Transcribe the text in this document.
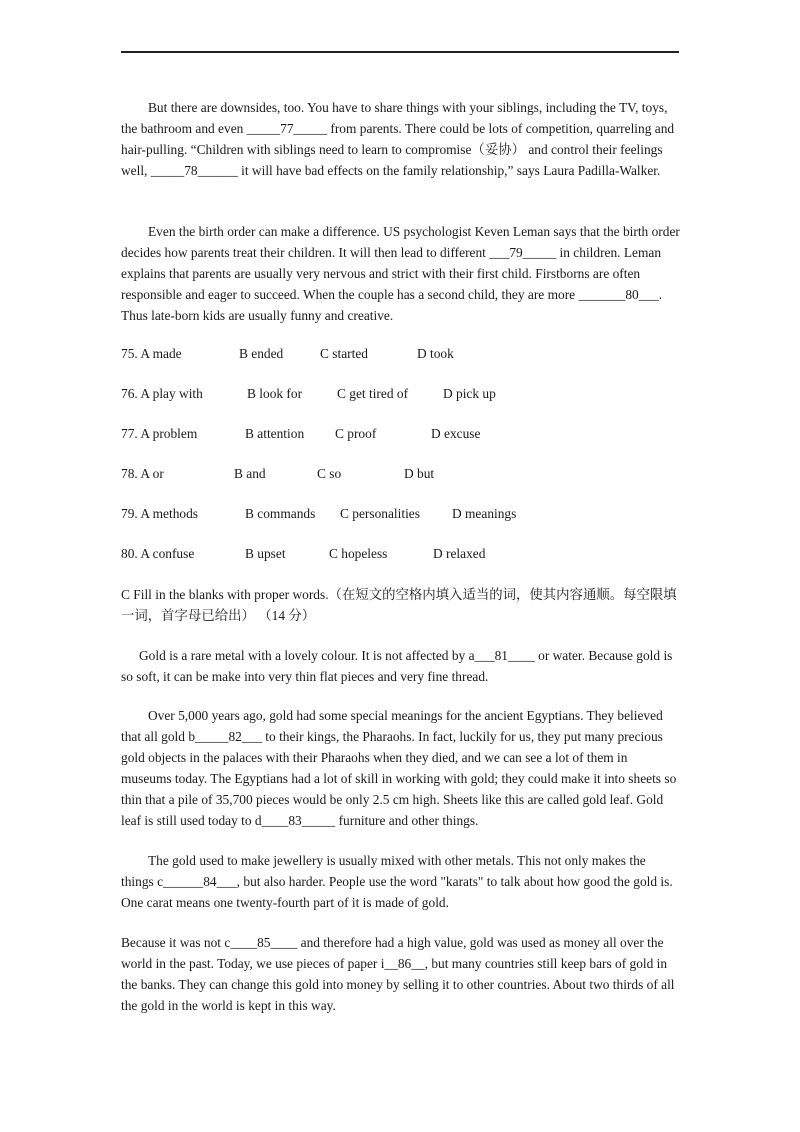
But there are downsides, too. You have to share things with your siblings, including the TV, toys, the bathroom and even _____77_____ from parents. There could be lots of competition, quarreling and hair-pulling. “Children with siblings need to learn to compromise（妥协） and control their feelings well, _____78______ it will have bad effects on the family relationship,” says Laura Padilla-Walker.

Even the birth order can make a difference. US psychologist Keven Leman says that the birth order decides how parents treat their children. It will then lead to different ___79_____ in children. Leman explains that parents are usually very nervous and strict with their first child. Firstborns are often responsible and eager to succeed. When the couple has a second child, they are more _______80___. Thus late-born kids are usually funny and creative.

75. A made	B ended	C started	D took
76. A play with	B look for	C get tired of	D pick up
77. A problem	B attention C proof	D excuse
78. A or	B and	C so	D but
79. A methods	B commands C personalities D meanings
80. A confuse	B upset	C hopeless	D relaxed

C Fill in the blanks with proper words.（在短文的空格内填入适当的词，使其内容通顺。每空限填一词，首字母已给出） （14 分）

Gold is a rare metal with a lovely colour. It is not affected by a___81____ or water. Because gold is so soft, it can be make into very thin flat pieces and very fine thread.

Over 5,000 years ago, gold had some special meanings for the ancient Egyptians. They believed that all gold b_____82___ to their kings, the Pharaohs. In fact, luckily for us, they put many precious gold objects in the palaces with their Pharaohs when they died, and we can see a lot of them in museums today. The Egyptians had a lot of skill in working with gold; they could make it into sheets so thin that a pile of 35,700 pieces would be only 2.5 cm high. Sheets like this are called gold leaf. Gold leaf is still used today to d____83_____ furniture and other things.

The gold used to make jewellery is usually mixed with other metals. This not only makes the things c______84___, but also harder. People use the word "karats" to talk about how good the gold is. One carat means one twenty-fourth part of it is made of gold.

Because it was not c____85____ and therefore had a high value, gold was used as money all over the world in the past. Today, we use pieces of paper i__86__, but many countries still keep bars of gold in the banks. They can change this gold into money by selling it to other countries. About two thirds of all the gold in the world is kept in this way.
